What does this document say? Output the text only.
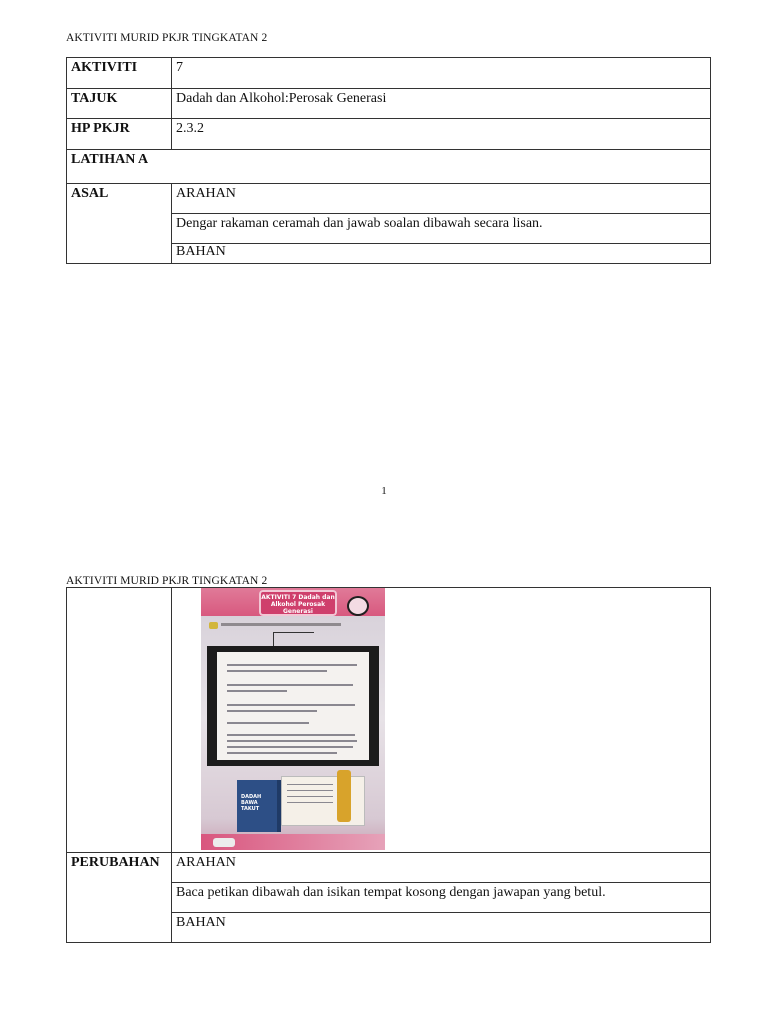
AKTIVITI MURID PKJR TINGKATAN 2
AKTIVITI	7
TAJUK	Dadah dan Alkohol:Perosak Generasi
HP PKJR	2.3.2
LATIHAN A	
ASAL	ARAHAN
	Dengar rakaman ceramah dan jawab soalan dibawah secara lisan.
	BAHAN
1
AKTIVITI MURID PKJR TINGKATAN 2

	AKTIVITI 7 Dadah dan Alkohol Perosak Generasi
DADAH BAWA TAKUT

PERUBAHAN	ARAHAN
	Baca petikan dibawah dan isikan tempat kosong dengan jawapan yang betul.
	BAHAN
